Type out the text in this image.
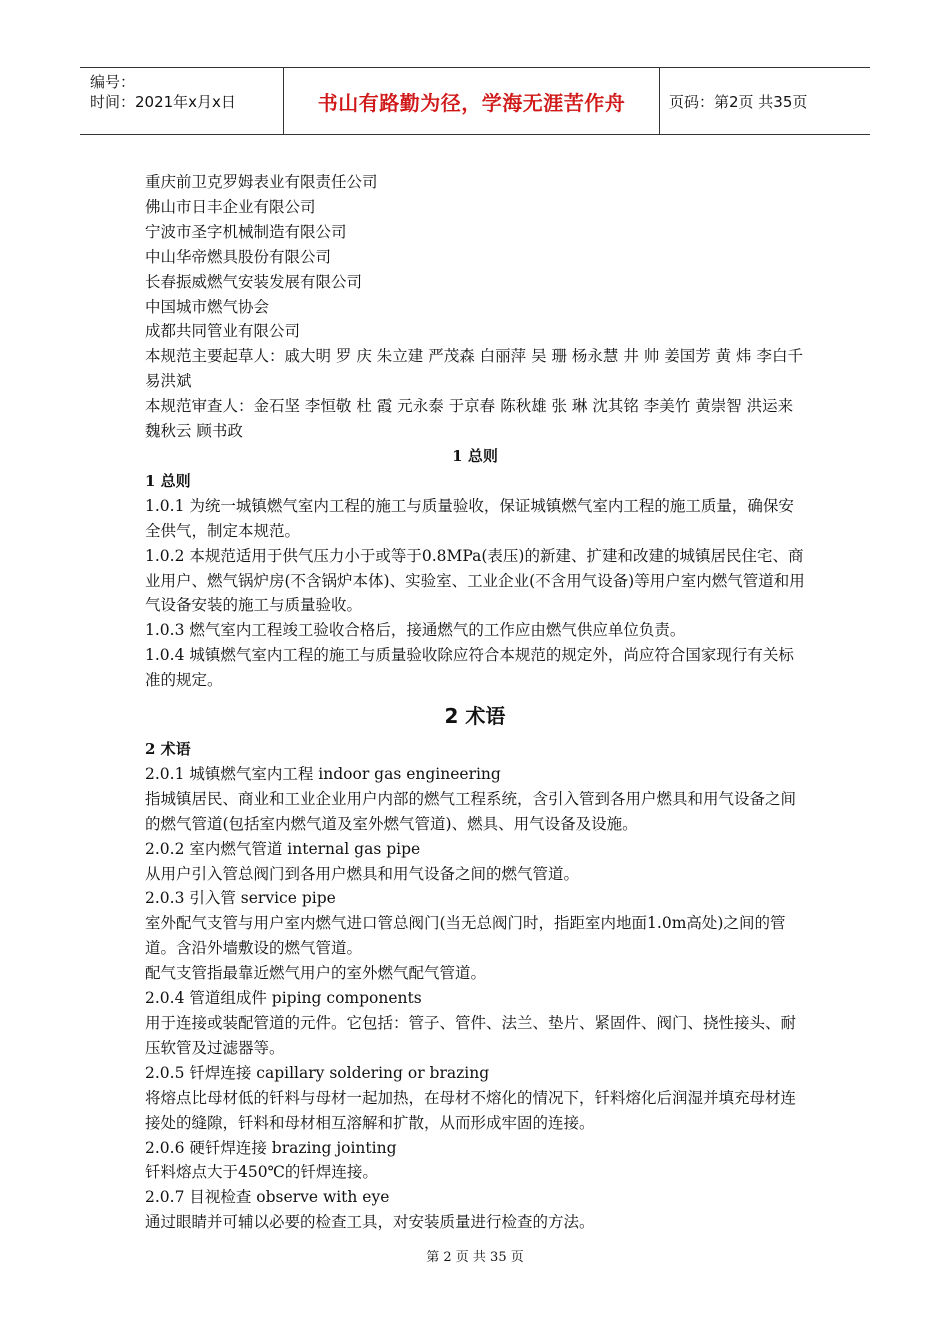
编号：
时间：2021年x月x日	书山有路勤为径，学海无涯苦作舟	页码：第2页 共35页

重庆前卫克罗姆表业有限责任公司

佛山市日丰企业有限公司

宁波市圣字机械制造有限公司

中山华帝燃具股份有限公司

长春振威燃气安装发展有限公司

中国城市燃气协会

成都共同管业有限公司

本规范主要起草人：戚大明 罗 庆 朱立建 严茂森 白丽萍 吴 珊 杨永慧 井 帅 姜国芳 黄 炜 李白千 易洪斌

本规范审查人：金石坚 李恒敬 杜 霞 元永泰 于京春 陈秋雄 张 琳 沈其铭 李美竹 黄崇智 洪运来 魏秋云 顾书政

1 总则

1 总则

1.0.1 为统一城镇燃气室内工程的施工与质量验收，保证城镇燃气室内工程的施工质量，确保安全供气，制定本规范。

1.0.2 本规范适用于供气压力小于或等于0.8MPa(表压)的新建、扩建和改建的城镇居民住宅、商业用户、燃气锅炉房(不含锅炉本体)、实验室、工业企业(不含用气设备)等用户室内燃气管道和用气设备安装的施工与质量验收。

1.0.3 燃气室内工程竣工验收合格后，接通燃气的工作应由燃气供应单位负责。

1.0.4 城镇燃气室内工程的施工与质量验收除应符合本规范的规定外，尚应符合国家现行有关标准的规定。

2 术语

2 术语

2.0.1 城镇燃气室内工程 indoor gas engineering

指城镇居民、商业和工业企业用户内部的燃气工程系统，含引入管到各用户燃具和用气设备之间的燃气管道(包括室内燃气道及室外燃气管道)、燃具、用气设备及设施。

2.0.2 室内燃气管道 internal gas pipe

从用户引入管总阀门到各用户燃具和用气设备之间的燃气管道。

2.0.3 引入管 service pipe

室外配气支管与用户室内燃气进口管总阀门(当无总阀门时，指距室内地面1.0m高处)之间的管道。含沿外墙敷设的燃气管道。

配气支管指最靠近燃气用户的室外燃气配气管道。

2.0.4 管道组成件 piping components

用于连接或装配管道的元件。它包括：管子、管件、法兰、垫片、紧固件、阀门、挠性接头、耐压软管及过滤器等。

2.0.5 钎焊连接 capillary soldering or brazing

将熔点比母材低的钎料与母材一起加热，在母材不熔化的情况下，钎料熔化后润湿并填充母材连接处的缝隙，钎料和母材相互溶解和扩散，从而形成牢固的连接。

2.0.6 硬钎焊连接 brazing jointing

钎料熔点大于450℃的钎焊连接。

2.0.7 目视检查 observe with eye

通过眼睛并可辅以必要的检查工具，对安装质量进行检查的方法。

第 2 页 共 35 页
